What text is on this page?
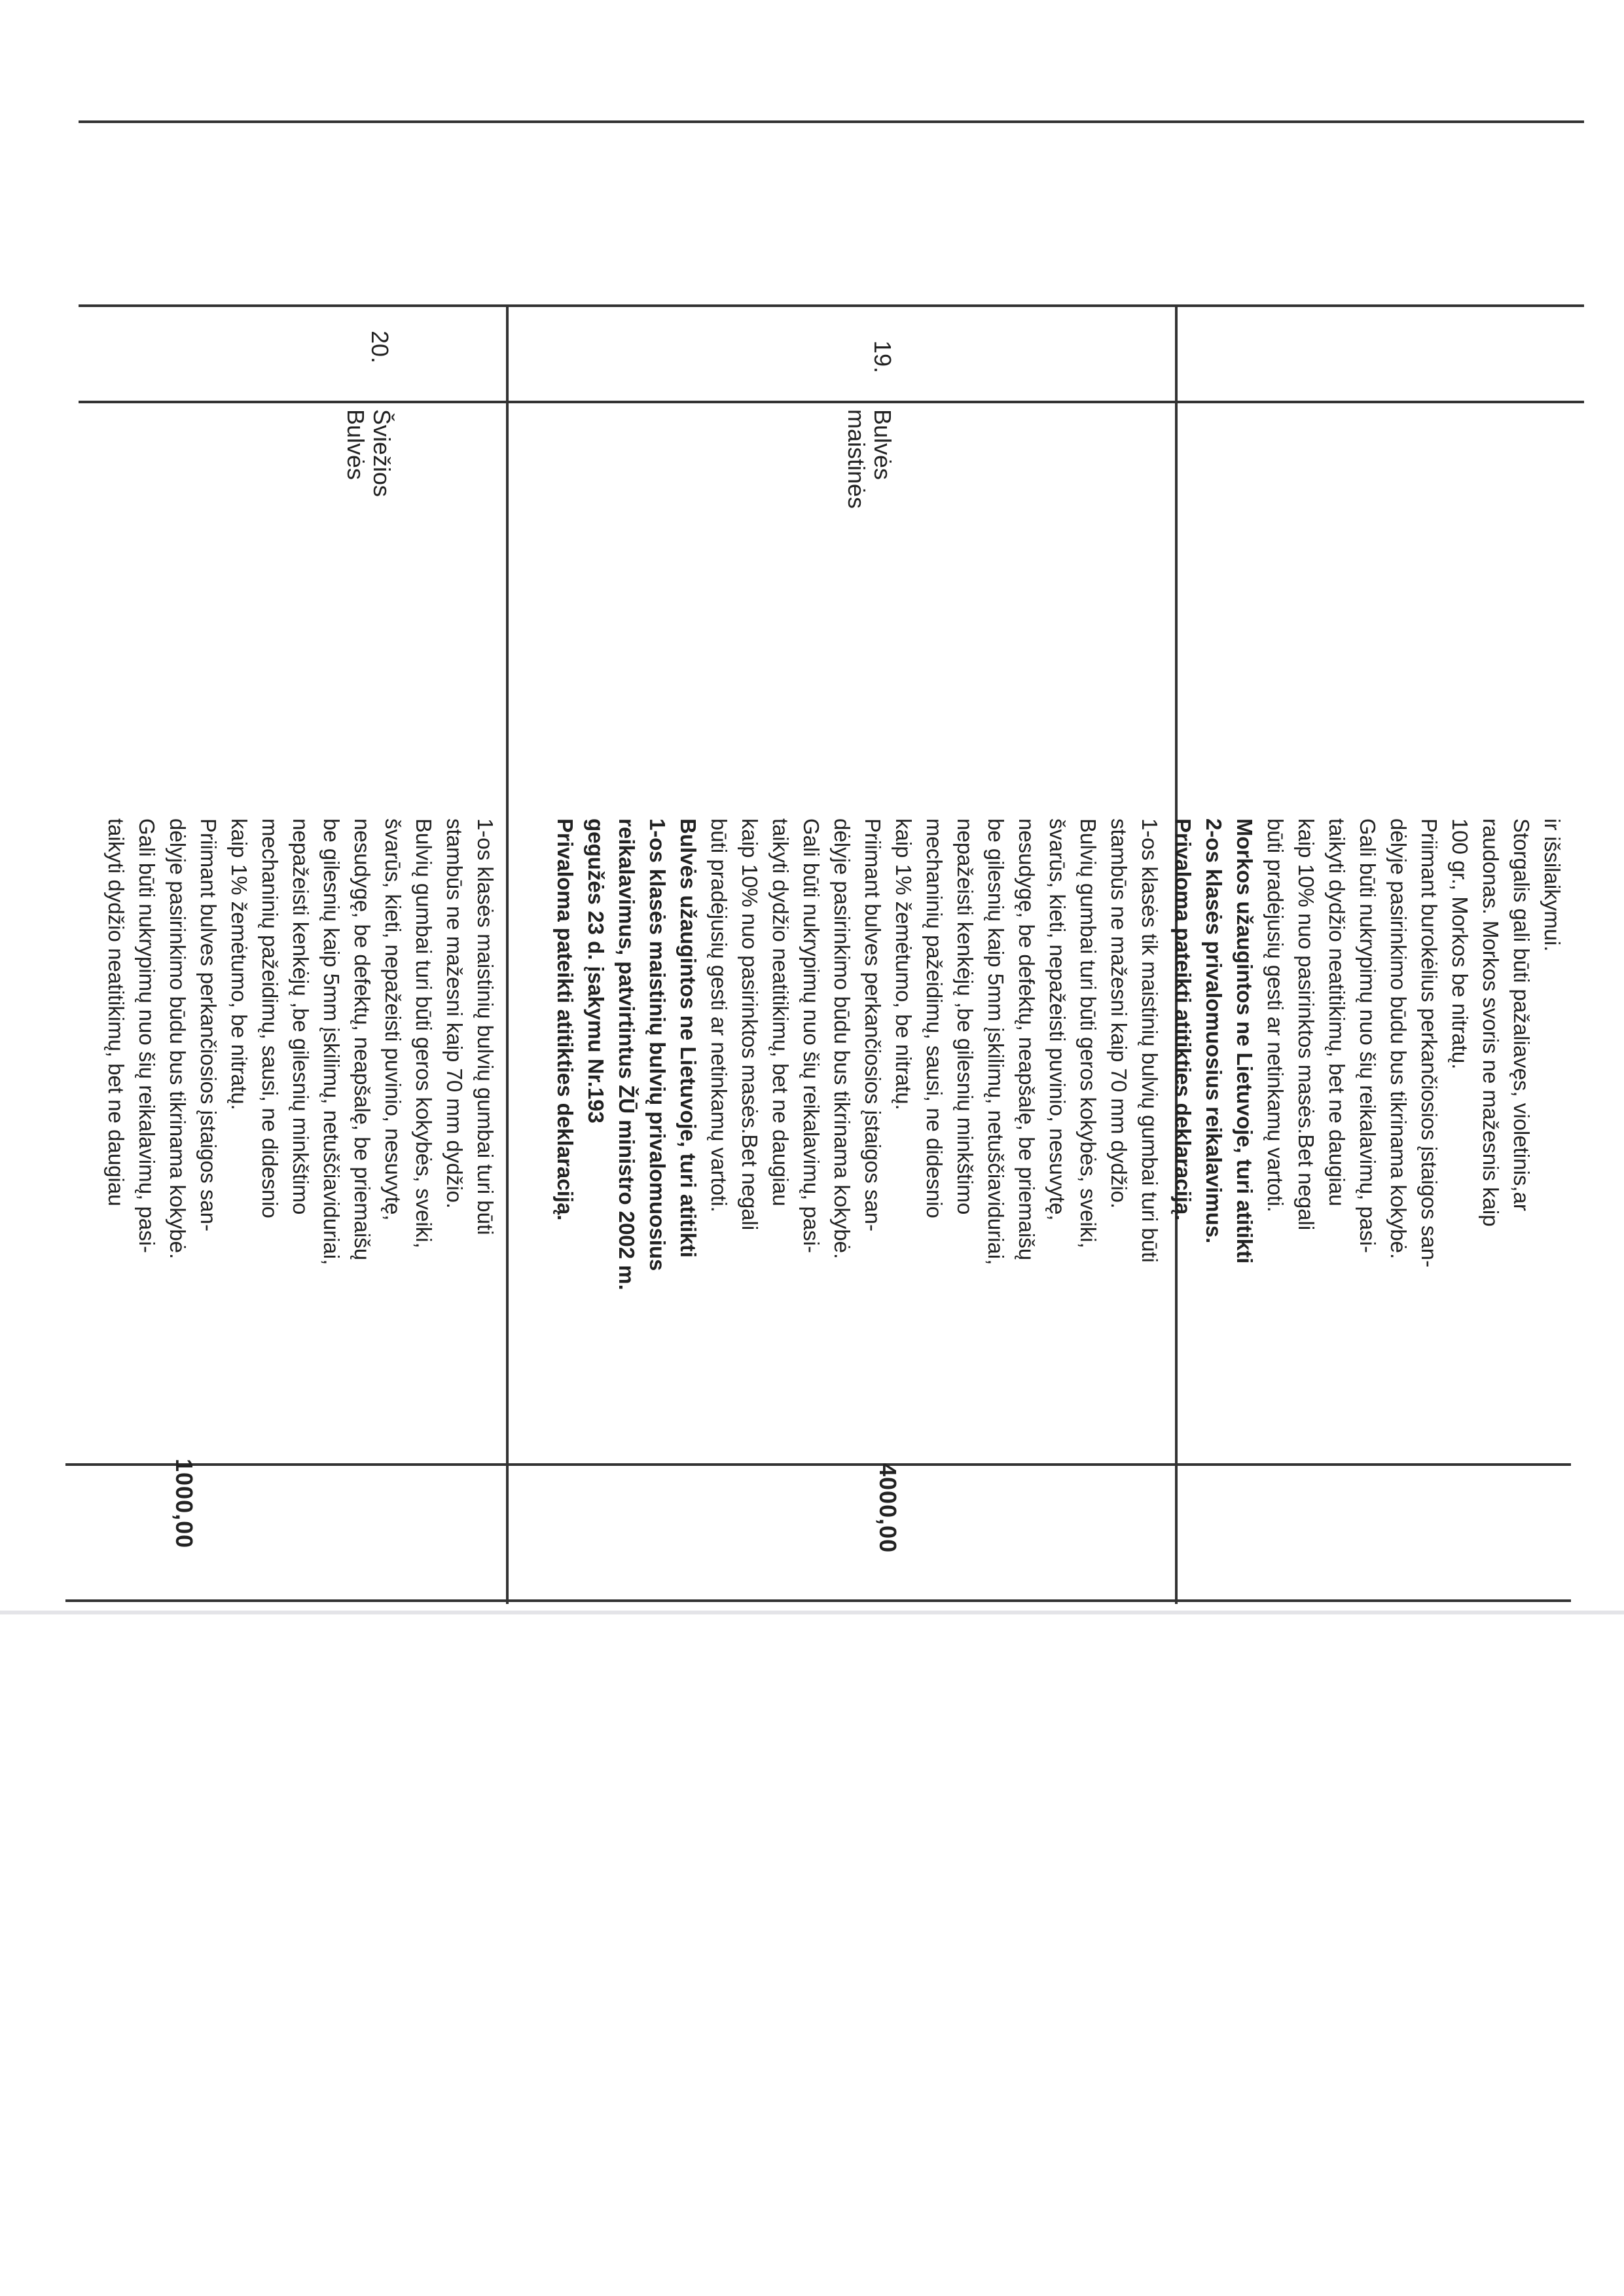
19.
20.
Bulvės
maistinės
Šviežios
Bulvės
ir išsilaikymui.
Storgalis gali būti pažaliavęs, violetinis,ar
raudonas. Morkos svoris ne mažesnis kaip
100 gr., Morkos be nitratų.
Priimant burokėlius perkančiosios įstaigos san-
dėlyje pasirinkimo būdu bus tikrinama kokybė.
Gali būti nukrypimų nuo šių reikalavimų, pasi-
taikyti dydžio neatitikimų, bet ne daugiau
kaip 10% nuo pasirinktos masės.Bet negali
būti pradėjusių gesti ar netinkamų vartoti.
Morkos užaugintos ne Lietuvoje, turi atitikti
2-os klasės privalomuosius reikalavimus.
Privaloma pateikti atitikties deklaraciją.
1-os klasės tik maistinių bulvių gumbai turi būti
stambūs ne mažesni kaip 70 mm dydžio.
Bulvių gumbai turi būti geros kokybės, sveiki,
švarūs, kieti, nepažeisti puvinio, nesuvytę,
nesudygę, be defektų, neapšalę, be priemaišų
be gilesnių kaip 5mm įskilimų, netuščiaviduriai,
nepažeisti kenkėjų ,be gilesnių minkštimo
mechaninių pažeidimų, sausi, ne didesnio
kaip 1% žemėtumo, be nitratų.
Priimant bulves perkančiosios įstaigos san-
dėlyje pasirinkimo būdu bus tikrinama kokybė.
Gali būti nukrypimų nuo šių reikalavimų, pasi-
taikyti dydžio neatitikimų, bet ne daugiau
kaip 10% nuo pasirinktos masės.Bet negali
būti pradėjusių gesti ar netinkamų vartoti.
Bulvės užaugintos ne Lietuvoje, turi atitikti
1-os klasės maistinių bulvių privalomuosius
reikalavimus, patvirtintus ŽŪ ministro 2002 m.
gegužės 23 d. įsakymu Nr.193
Privaloma pateikti atitikties deklaraciją.
1-os klasės maistinių bulvių gumbai turi būti
stambūs ne mažesni kaip 70 mm dydžio.
Bulvių gumbai turi būti geros kokybės, sveiki,
švarūs, kieti, nepažeisti puvinio, nesuvytę,
nesudygę, be defektų, neapšalę, be priemaišų
be gilesnių kaip 5mm įskilimų, netuščiaviduriai,
nepažeisti kenkėjų ,be gilesnių minkštimo
mechaninių pažeidimų, sausi, ne didesnio
kaip 1% žemėtumo, be nitratų.
Priimant bulves perkančiosios įstaigos san-
dėlyje pasirinkimo būdu bus tikrinama kokybė.
Gali būti nukrypimų nuo šių reikalavimų, pasi-
taikyti dydžio neatitikimų, bet ne daugiau
4000,00
1000,00
